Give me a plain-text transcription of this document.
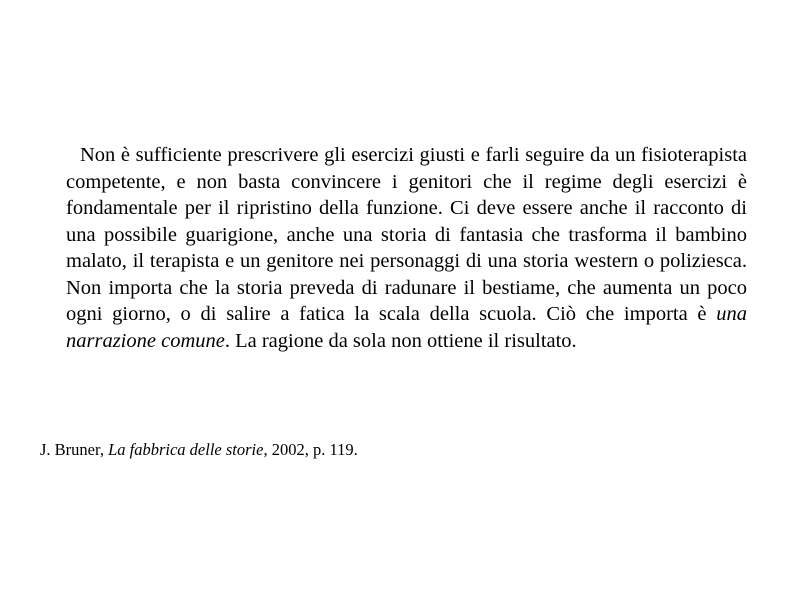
Non è sufficiente prescrivere gli esercizi giusti e farli seguire da un fisioterapista competente, e non basta convincere i genitori che il regime degli esercizi è fondamentale per il ripristino della funzione. Ci deve essere anche il racconto di una possibile guarigione, anche una storia di fantasia che trasforma il bambino malato, il terapista e un genitore nei personaggi di una storia western o poliziesca. Non importa che la storia preveda di radunare il bestiame, che aumenta un poco ogni giorno, o di salire a fatica la scala della scuola. Ciò che importa è una narrazione comune. La ragione da sola non ottiene il risultato.

J. Bruner, La fabbrica delle storie, 2002, p. 119.
